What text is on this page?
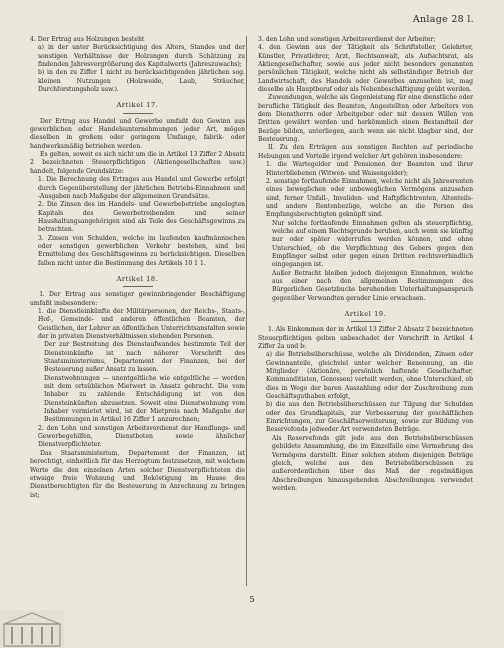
Anlage 28 l.

4. Der Ertrag aus Holzungen besteht

a) in der unter Berücksichtigung des Alters, Standes und der sonstigen Verhältnisse der Holzungen durch Schätzung zu findenden Jahresvergrößerung des Kapitalwerts (Jahreszuwachs);

b) in den zu Ziffer 1 nicht zu berücksichtigenden jährlichen sog. kleinen Nutzungen (Holzweide, Laub, Sträucher, Durchforstungsholz usw.).

Artikel 17.

Der Ertrag aus Handel und Gewerbe umfaßt den Gewinn aus gewerblichen oder Handelsunternehmungen jeder Art, mögen dieselben in großem oder geringem Umfange, fabrik- oder handwerksmäßig betrieben werden.

Es gelten, soweit es sich nicht um die in Artikel 13 Ziffer 2 Absatz 2 bezeichneten Steuerpflichtigen (Aktiengesellschaften usw.) handelt, folgende Grundsätze:

1. Die Berechnung des Ertrages aus Handel und Gewerbe erfolgt durch Gegenüberstellung der jährlichen Betriebs-Einnahmen und -Ausgaben nach Maßgabe der allgemeinen Grundsätze.

2. Die Zinsen des im Handels- und Gewerbebetriebe angelegten Kapitals des Gewerbetreibenden und seiner Haushaltungsangehörigen sind als Teile des Geschäftsgewinns zu betrachten.

3. Zinsen von Schulden, welche im laufenden kaufmännischen oder sonstigen gewerblichen Verkehr bestehen, sind bei Ermittelung des Geschäftsgewinns zu berücksichtigen. Dieselben fallen nicht unter die Bestimmung des Artikels 10 1 1.

Artikel 18.

I. Der Ertrag aus sonstiger gewinnbringender Beschäftigung umfaßt insbesondere:

1. die Dienstleinkünfte der Militärpersonen, der Reichs-, Staats-, Hof-, Gemeinde- und anderen öffentlichen Beamten, der Geistlichen, der Lehrer an öffentlichen Unterrichtsanstalten sowie der in privaten Dienstverhältnissen stehenden Personen.

Der zur Bestreitung des Dienstaufwandes bestimmte Teil der Diensteinkünfte ist nach näherer Vorschrift des Staatsministeriums, Departement der Finanzen, bei der Besteuerung außer Ansatz zu lassen.

Dienstwohnungen — unentgeltliche wie entgeltliche — werden mit dem ortsüblichen Mietwert in Ansatz gebracht. Die vom Inhaber zu zahlende Entschädigung ist von den Diensteinkünften abzusetzen. Soweit eine Dienstwohnung vom Inhaber vermietet wird, ist der Mietpreis nach Maßgabe der Bestimmungen in Artikel 16 Ziffer 1 anzurechnen;

2. den Lohn und sonstigen Arbeitsverdienst der Handlungs- und Gewerbegehilfen, Dienstboten sowie ähnlicher Dienstverpflichteter.

Das Staatsministerium, Departement der Finanzen, ist berechtigt, einheitlich für das Herzogtum festzusetzen, mit welchem Werte die den einzelnen Arten solcher Dienstverpflichteten die etwaige freie Wohnung und Beköstigung im Hause des Dienstberechtigten für die Besteuerung in Anrechnung zu bringen ist;

3. den Lohn und sonstigen Arbeitsverdienst der Arbeiter;

4. den Gewinn aus der Tätigkeit als Schriftsteller, Gelehrter, Künstler, Privatlehrer, Arzt, Rechtsanwalt, als Aufsichtsrat, als Aktiengesellschafter, sowie aus jeder nicht besonders genannten persönlichen Tätigkeit, welche nicht als selbständiger Betrieb der Landwirtschaft, des Handels oder Gewerbes anzusehen ist, mag dieselbe als Hauptberuf oder als Nebenbeschäftigung geübt werden.

Zuwendungen, welche als Gegenleistung für eine dienstliche oder berufliche Tätigkeit des Beamten, Angestellten oder Arbeiters von dem Dienstherrn oder Arbeitgeber oder mit dessen Willen von Dritten gewährt werden und herkömmlich einen Bestandteil der Bezüge bilden, unterliegen, auch wenn sie nicht klagbar sind, der Besteuerung.

II. Zu den Erträgen aus sonstigen Rechten auf periodische Hebungen und Vorteile irgend welcher Art gehören insbesondere:

1. die Wartegelder und Pensionen der Beamten und ihrer Hinterbliebenen (Witwen- und Waisengelder);

2. sonstige fortlaufende Einnahmen, welche nicht als Jahresrenten eines beweglichen oder unbeweglichen Vermögens anzusehen sind, ferner Unfall-, Invaliden- und Haftpflichtrenten, Altenteils- und andere Rentenbezüge, welche an die Person des Empfangsberechtigten geknüpft sind.

Nur solche fortlaufende Einnahmen gelten als steuerpflichtig, welche auf einem Rechtsgrunde beruhen, auch wenn sie künftig nur oder später widerrufen werden können, und ohne Unterschied, ob die Verpflichtung des Gebers gegen den Empfänger selbst oder gegen einen Dritten rechtsverbindlich eingegangen ist.

Außer Betracht bleiben jedoch diejenigen Einnahmen, welche aus einer nach den allgemeinen Bestimmungen des Bürgerlichen Gesetzbuchs beruhenden Unterhaltungsanspruch gegenüber Verwandten gerader Linie erwachsen.

Artikel 19.

1. Als Einkommen der in Artikel 13 Ziffer 2 Absatz 2 bezeichneten Steuerpflichtigen gelten unbeschadet der Vorschrift in Artikel 4 Ziffer 2a und b:

a) die Betriebsüberschüsse, welche als Dividenden, Zinsen oder Gewinnanteile, gleichviel unter welcher Benennung, an die Mitglieder (Aktionäre, persönlich haftende Gesellschafter, Kommanditisten, Genossen) verteilt werden, ohne Unterschied, ob dies in Wege der baren Auszahlung oder der Zuschreibung zum Geschäftsguthaben erfolgt,

b) die aus den Betriebsüberschüssen zur Tilgung der Schulden oder des Grundkapitals, zur Verbesserung der geschäftlichen Einrichtungen, zur Geschäftserweiterung, sowie zur Bildung von Reservefonds jedweder Art verwendeten Beträge.

Als Reservefonds gilt jede aus den Betriebsüberschüssen gebildete Ansammlung, die im Einzelfalle eine Vermehrung des Vermögens darstellt. Einer solchen stehen diejenigen Beträge gleich, welche aus den Betriebsüberschüssen zu außerordentlichen über das Maß der regelmäßigen Abschreibungen hinausgehenden Abschreibungen verwendet werden.

5
